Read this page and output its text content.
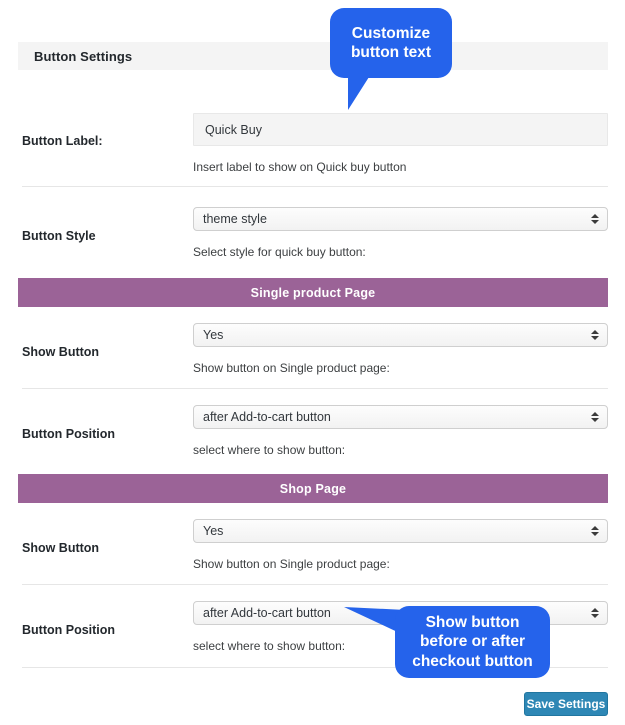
Button Settings
Button Label:
Quick Buy
Insert label to show on Quick buy button
Button Style
theme style
Select style for quick buy button:
Single product Page
Show Button
Yes
Show button on Single product page:
Button Position
after Add-to-cart button
select where to show button:
Shop Page
Show Button
Yes
Show button on Single product page:
Button Position
after Add-to-cart button
select where to show button:
Save Settings
Customize
button text
Show button
before or after
checkout button
